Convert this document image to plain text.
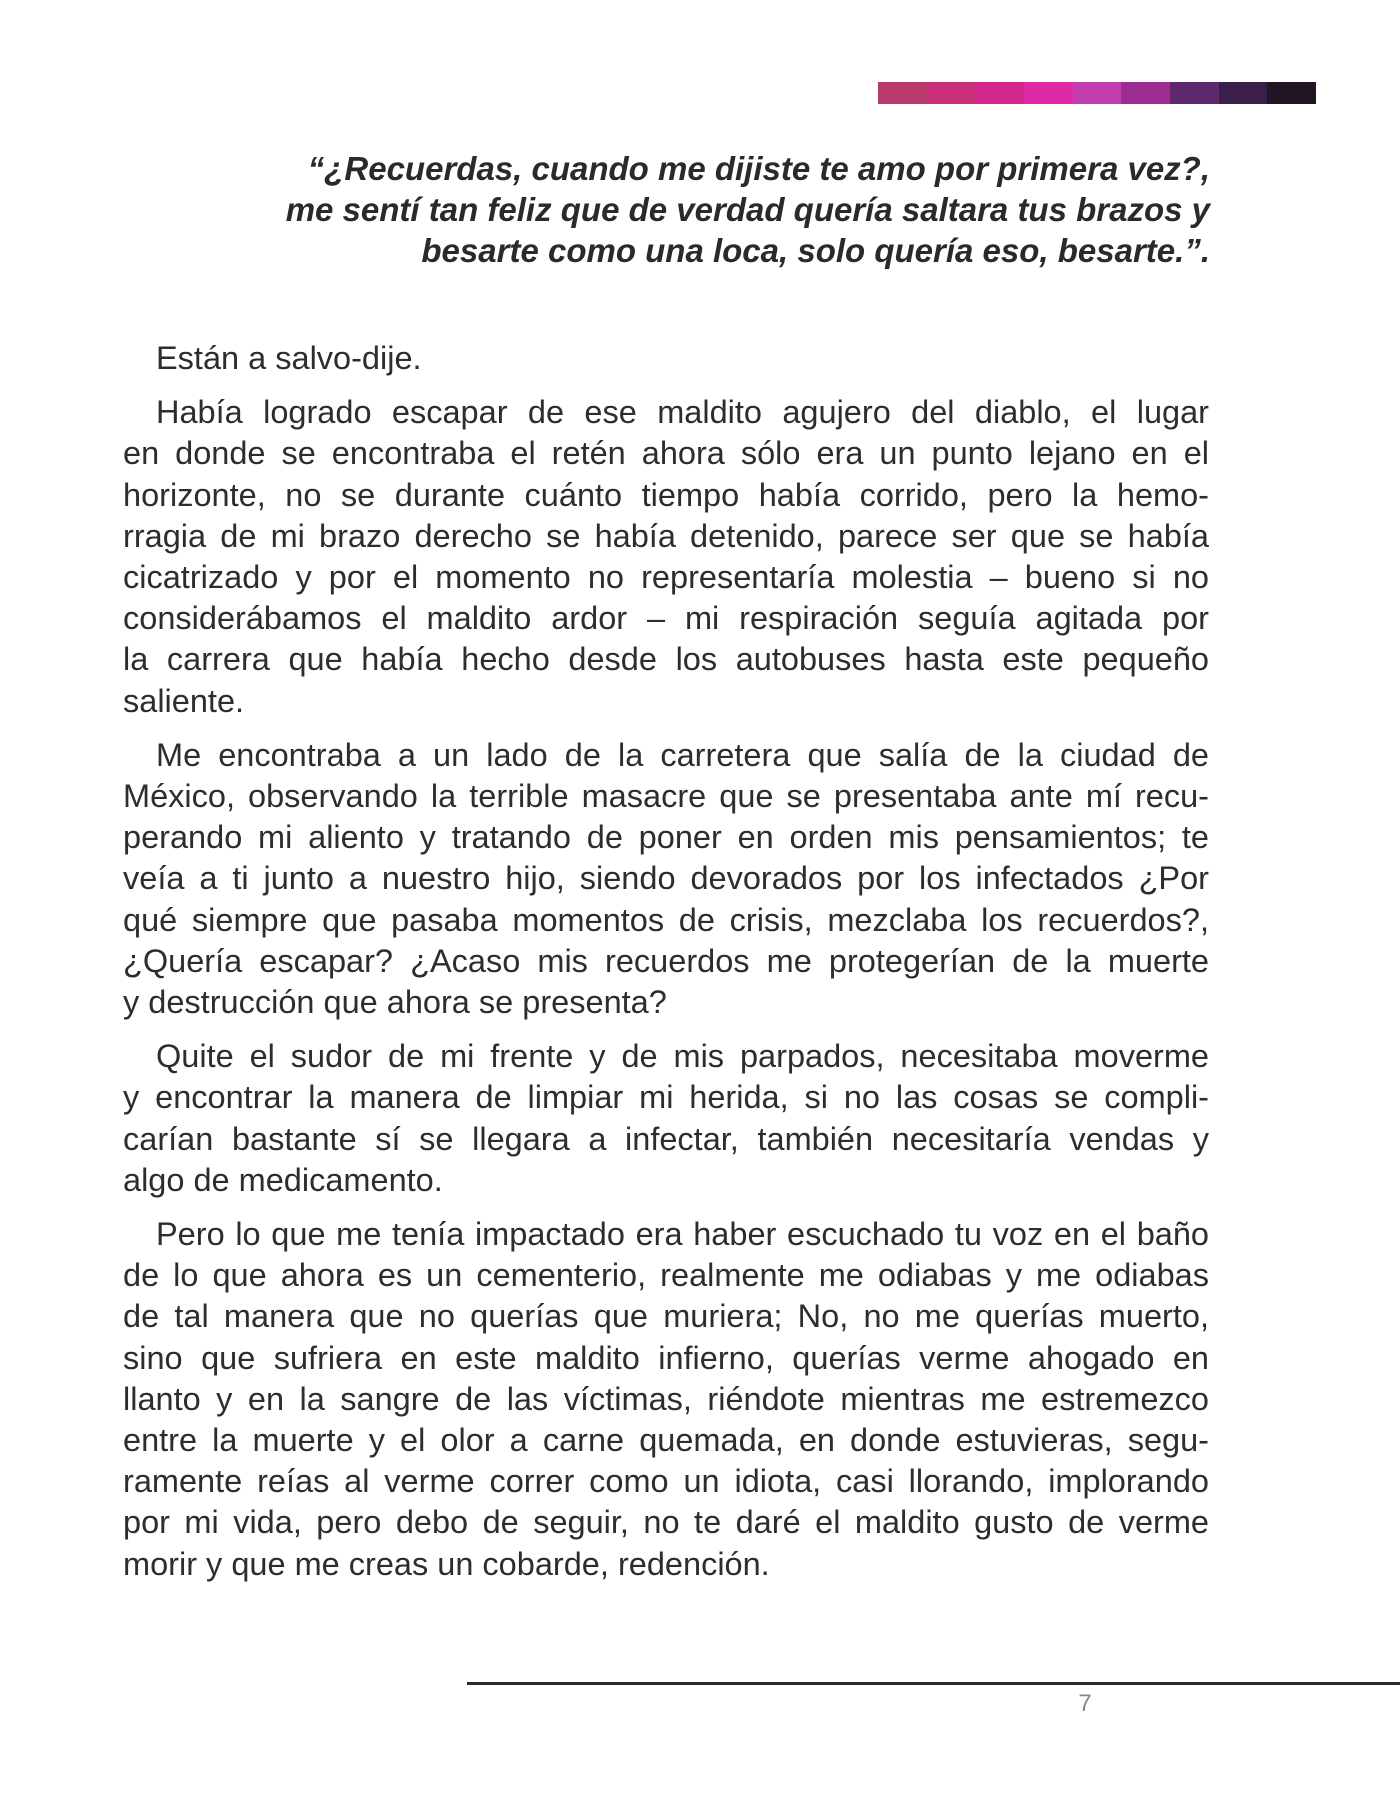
“¿Recuerdas, cuando me dijiste te amo por primera vez?,
me sentí tan feliz que de verdad quería saltara tus brazos y
besarte como una loca, solo quería eso, besarte.”.

Están a salvo-dije.

Había logrado escapar de ese maldito agujero del diablo, el lugar
en donde se encontraba el retén ahora sólo era un punto lejano en el
horizonte, no se durante cuánto tiempo había corrido, pero la hemo-
rragia de mi brazo derecho se había detenido, parece ser que se había
cicatrizado y por el momento no representaría molestia – bueno si no
considerábamos el maldito ardor – mi respiración seguía agitada por
la carrera que había hecho desde los autobuses hasta este pequeño
saliente.

Me encontraba a un lado de la carretera que salía de la ciudad de
México, observando la terrible masacre que se presentaba ante mí recu-
perando mi aliento y tratando de poner en orden mis pensamientos; te
veía a ti junto a nuestro hijo, siendo devorados por los infectados ¿Por
qué siempre que pasaba momentos de crisis, mezclaba los recuerdos?,
¿Quería escapar? ¿Acaso mis recuerdos me protegerían de la muerte
y destrucción que ahora se presenta?

Quite el sudor de mi frente y de mis parpados, necesitaba moverme
y encontrar la manera de limpiar mi herida, si no las cosas se compli-
carían bastante sí se llegara a infectar, también necesitaría vendas y
algo de medicamento.

Pero lo que me tenía impactado era haber escuchado tu voz en el baño
de lo que ahora es un cementerio, realmente me odiabas y me odiabas
de tal manera que no querías que muriera; No, no me querías muerto,
sino que sufriera en este maldito infierno, querías verme ahogado en
llanto y en la sangre de las víctimas, riéndote mientras me estremezco
entre la muerte y el olor a carne quemada, en donde estuvieras, segu-
ramente reías al verme correr como un idiota, casi llorando, implorando
por mi vida, pero debo de seguir, no te daré el maldito gusto de verme
morir y que me creas un cobarde, redención.

7
